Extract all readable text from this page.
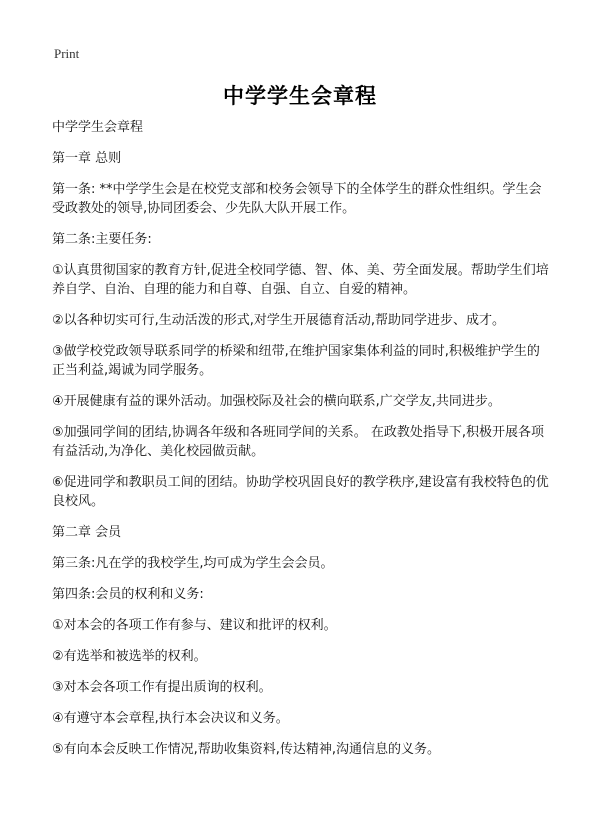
Print
中学学生会章程

中学学生会章程

第一章 总则

第一条: **中学学生会是在校党支部和校务会领导下的全体学生的群众性组织。学生会受政教处的领导,协同团委会、少先队大队开展工作。

第二条:主要任务:

①认真贯彻国家的教育方针,促进全校同学德、智、体、美、劳全面发展。帮助学生们培养自学、自治、自理的能力和自尊、自强、自立、自爱的精神。

②以各种切实可行,生动活泼的形式,对学生开展德育活动,帮助同学进步、成才。

③做学校党政领导联系同学的桥梁和纽带,在维护国家集体利益的同时,积极维护学生的正当利益,竭诚为同学服务。

④开展健康有益的课外活动。加强校际及社会的横向联系,广交学友,共同进步。

⑤加强同学间的团结,协调各年级和各班同学间的关系。 在政教处指导下,积极开展各项有益活动,为净化、美化校园做贡献。

⑥促进同学和教职员工间的团结。协助学校巩固良好的教学秩序,建设富有我校特色的优良校风。

第二章 会员

第三条:凡在学的我校学生,均可成为学生会会员。

第四条:会员的权利和义务:

①对本会的各项工作有参与、建议和批评的权利。

②有选举和被选举的权利。

③对本会各项工作有提出质询的权利。

④有遵守本会章程,执行本会决议和义务。

⑤有向本会反映工作情况,帮助收集资料,传达精神,沟通信息的义务。
